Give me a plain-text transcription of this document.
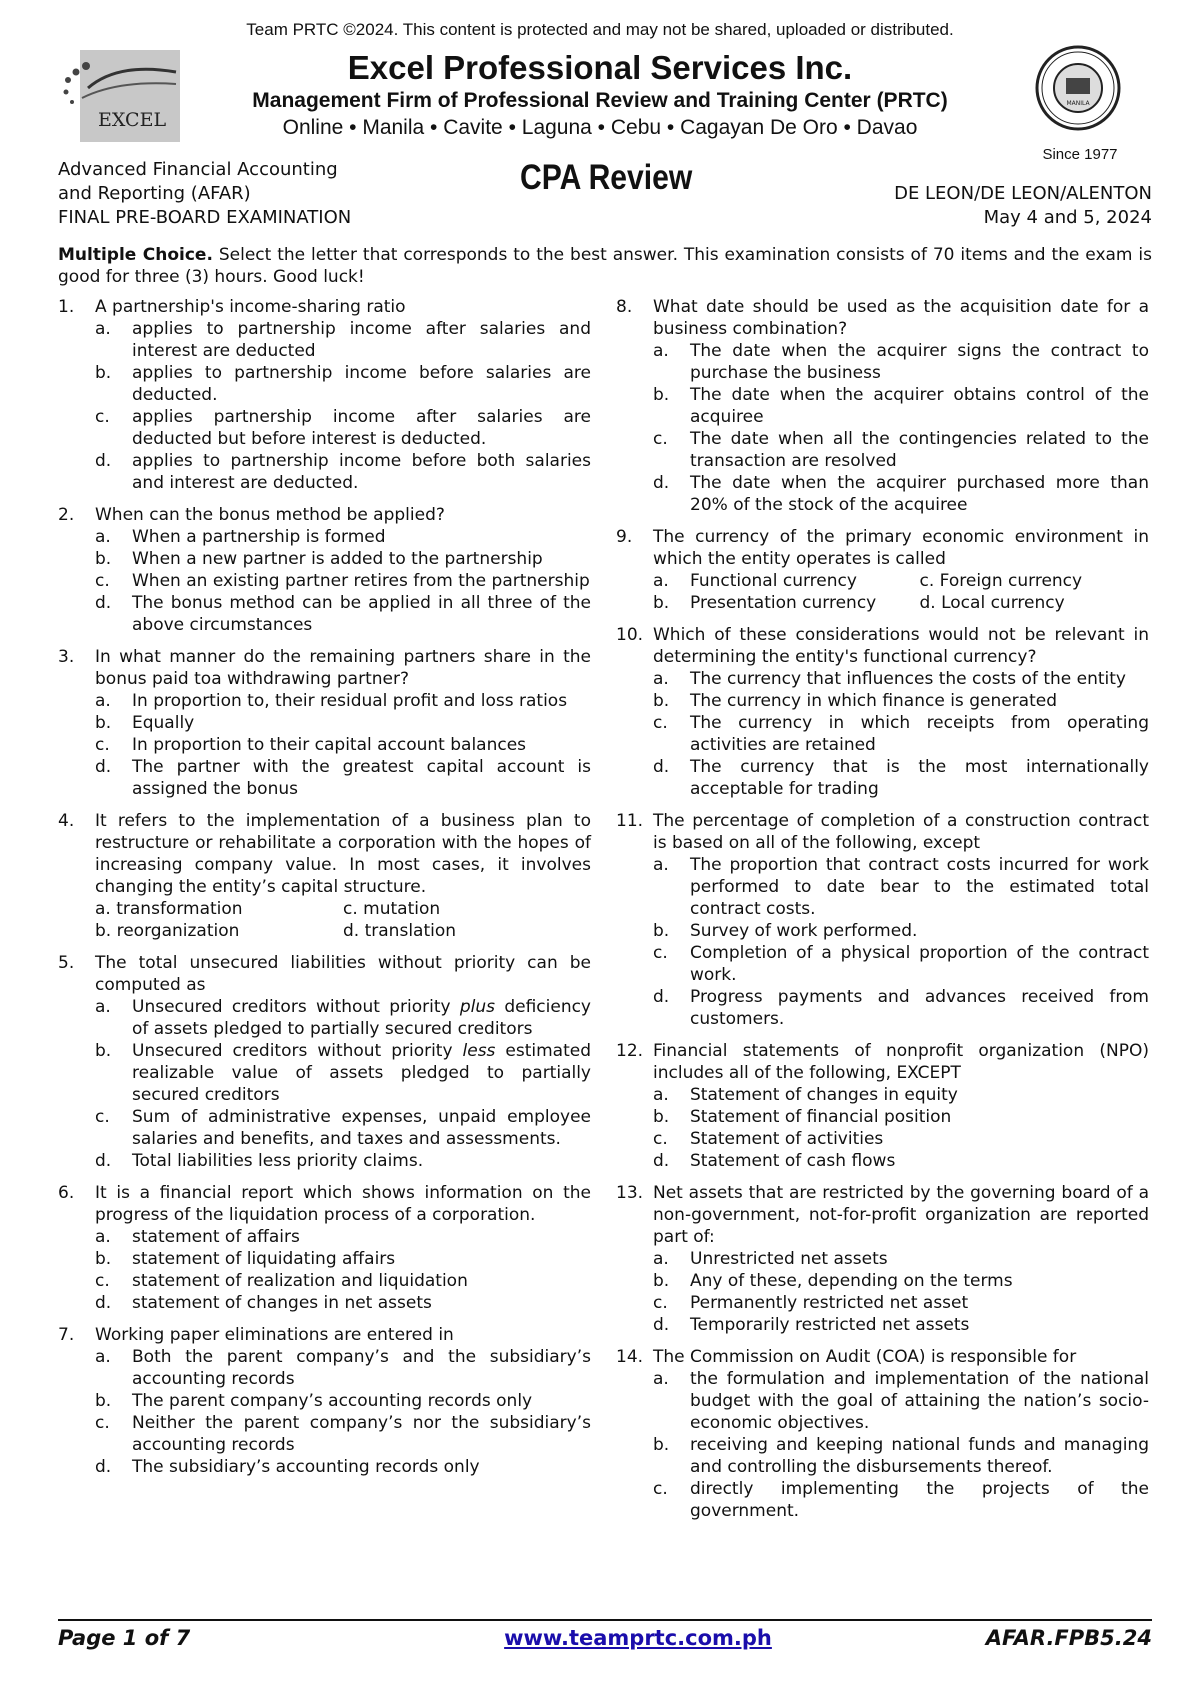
Team PRTC ©2024. This content is protected and may not be shared, uploaded or distributed.
EXCEL
Excel Professional Services Inc.
Management Firm of Professional Review and Training Center (PRTC)
Online • Manila • Cavite • Laguna • Cebu • Cagayan De Oro • Davao
MANILA
Since 1977
Advanced Financial Accounting
and Reporting (AFAR)
FINAL PRE-BOARD EXAMINATION
CPA Review	DE LEON/DE LEON/ALENTON
May 4 and 5, 2024
Multiple Choice. Select the letter that corresponds to the best answer. This examination consists of 70 items and the exam is good for three (3) hours. Good luck!
1. A partnership's income-sharing ratio
a. applies to partnership income after salaries and interest are deducted
b. applies to partnership income before salaries are deducted.
c. applies partnership income after salaries are deducted but before interest is deducted.
d. applies to partnership income before both salaries and interest are deducted.
2. When can the bonus method be applied?
a. When a partnership is formed
b. When a new partner is added to the partnership
c. When an existing partner retires from the partnership
d. The bonus method can be applied in all three of the above circumstances
3. In what manner do the remaining partners share in the bonus paid toa withdrawing partner?
a. In proportion to, their residual profit and loss ratios
b. Equally
c. In proportion to their capital account balances
d. The partner with the greatest capital account is assigned the bonus
4. It refers to the implementation of a business plan to restructure or rehabilitate a corporation with the hopes of increasing company value. In most cases, it involves changing the entity’s capital structure.
a. transformation	c. mutation
b. reorganization	d. translation
5. The total unsecured liabilities without priority can be computed as
a. Unsecured creditors without priority plus deficiency of assets pledged to partially secured creditors
b. Unsecured creditors without priority less estimated realizable value of assets pledged to partially secured creditors
c. Sum of administrative expenses, unpaid employee salaries and benefits, and taxes and assessments.
d. Total liabilities less priority claims.
6. It is a financial report which shows information on the progress of the liquidation process of a corporation.
a. statement of affairs
b. statement of liquidating affairs
c. statement of realization and liquidation
d. statement of changes in net assets
7. Working paper eliminations are entered in
a. Both the parent company’s and the subsidiary’s accounting records
b. The parent company’s accounting records only
c. Neither the parent company’s nor the subsidiary’s accounting records
d. The subsidiary’s accounting records only
8. What date should be used as the acquisition date for a business combination?
a. The date when the acquirer signs the contract to purchase the business
b. The date when the acquirer obtains control of the acquiree
c. The date when all the contingencies related to the transaction are resolved
d. The date when the acquirer purchased more than 20% of the stock of the acquiree
9. The currency of the primary economic environment in which the entity operates is called
a. Functional currency	c. Foreign currency
b. Presentation currency	d. Local currency
10. Which of these considerations would not be relevant in determining the entity's functional currency?
a. The currency that influences the costs of the entity
b. The currency in which finance is generated
c. The currency in which receipts from operating activities are retained
d. The currency that is the most internationally acceptable for trading
11. The percentage of completion of a construction contract is based on all of the following, except
a. The proportion that contract costs incurred for work performed to date bear to the estimated total contract costs.
b. Survey of work performed.
c. Completion of a physical proportion of the contract work.
d. Progress payments and advances received from customers.
12. Financial statements of nonprofit organization (NPO) includes all of the following, EXCEPT
a. Statement of changes in equity
b. Statement of financial position
c. Statement of activities
d. Statement of cash flows
13. Net assets that are restricted by the governing board of a non-government, not-for-profit organization are reported part of:
a. Unrestricted net assets
b. Any of these, depending on the terms
c. Permanently restricted net asset
d. Temporarily restricted net assets
14. The Commission on Audit (COA) is responsible for
a. the formulation and implementation of the national budget with the goal of attaining the nation’s socio-economic objectives.
b. receiving and keeping national funds and managing and controlling the disbursements thereof.
c. directly implementing the projects of the government.
Page 1 of 7	www.teamprtc.com.ph	AFAR.FPB5.24
